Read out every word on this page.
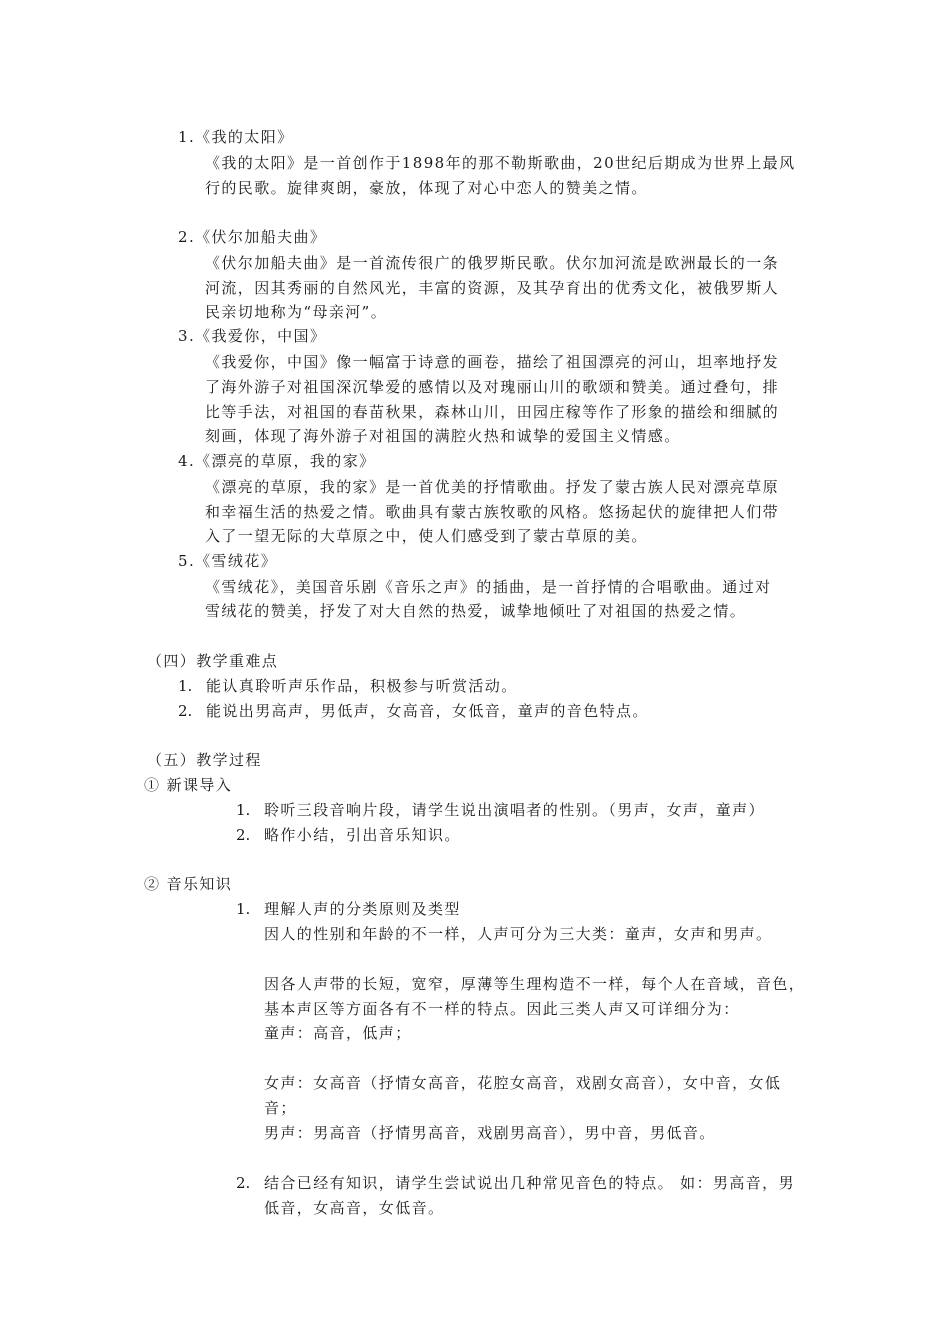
1.《我的太阳》
《我的太阳》是一首创作于1898年的那不勒斯歌曲，20世纪后期成为世界上最风
行的民歌。旋律爽朗，豪放，体现了对心中恋人的赞美之情。
2.《伏尔加船夫曲》
《伏尔加船夫曲》是一首流传很广的俄罗斯民歌。伏尔加河流是欧洲最长的一条
河流，因其秀丽的自然风光，丰富的资源，及其孕育出的优秀文化，被俄罗斯人
民亲切地称为“母亲河”。
3.《我爱你，中国》
《我爱你，中国》像一幅富于诗意的画卷，描绘了祖国漂亮的河山，坦率地抒发
了海外游子对祖国深沉挚爱的感情以及对瑰丽山川的歌颂和赞美。通过叠句，排
比等手法，对祖国的春苗秋果，森林山川，田园庄稼等作了形象的描绘和细腻的
刻画，体现了海外游子对祖国的满腔火热和诚挚的爱国主义情感。
4.《漂亮的草原，我的家》
《漂亮的草原，我的家》是一首优美的抒情歌曲。抒发了蒙古族人民对漂亮草原
和幸福生活的热爱之情。歌曲具有蒙古族牧歌的风格。悠扬起伏的旋律把人们带
入了一望无际的大草原之中，使人们感受到了蒙古草原的美。
5.《雪绒花》
《雪绒花》，美国音乐剧《音乐之声》的插曲，是一首抒情的合唱歌曲。通过对
雪绒花的赞美，抒发了对大自然的热爱，诚挚地倾吐了对祖国的热爱之情。
（四）教学重难点
1. 能认真聆听声乐作品，积极参与听赏活动。
2. 能说出男高声，男低声，女高音，女低音，童声的音色特点。
（五）教学过程
① 新课导入
1. 聆听三段音响片段，请学生说出演唱者的性别。（男声，女声，童声）
2. 略作小结，引出音乐知识。
② 音乐知识
1. 理解人声的分类原则及类型
因人的性别和年龄的不一样，人声可分为三大类：童声，女声和男声。
因各人声带的长短，宽窄，厚薄等生理构造不一样，每个人在音域，音色，
基本声区等方面各有不一样的特点。因此三类人声又可详细分为：
童声：高音，低声；
女声：女高音（抒情女高音，花腔女高音，戏剧女高音），女中音，女低
音；
男声：男高音（抒情男高音，戏剧男高音），男中音，男低音。
2. 结合已经有知识，请学生尝试说出几种常见音色的特点。 如：男高音，男
低音，女高音，女低音。
